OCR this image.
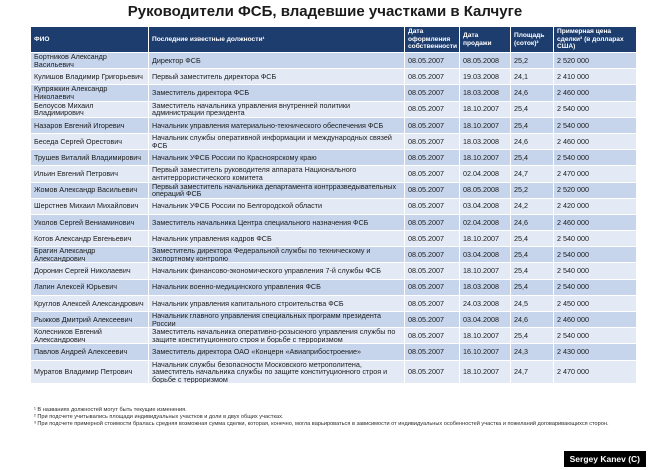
Руководители ФСБ, владевшие участками в Калчуге
ФИО	Последние известные должности¹	Дата оформления собственности	Дата продажи	Площадь (соток)²	Примерная цена сделки³ (в долларах США)
Бортников Александр Васильевич	Директор ФСБ	08.05.2007	08.05.2008	25,2	2 520 000
Кулишов Владимир Григорьевич	Первый заместитель директора ФСБ	08.05.2007	19.03.2008	24,1	2 410 000
Купряжкин Александр Николаевич	Заместитель директора ФСБ	08.05.2007	18.03.2008	24,6	2 460 000
Белоусов Михаил Владимирович	Заместитель начальника управления внутренней политики администрации президента	08.05.2007	18.10.2007	25,4	2 540 000
Назаров Евгений Игоревич	Начальник управления материально-технического обеспечения ФСБ	08.05.2007	18.10.2007	25,4	2 540 000
Беседа Сергей Орестович	Начальник службы оперативной информации и международных связей ФСБ	08.05.2007	18.03.2008	24,6	2 460 000
Трушев Виталий Владимирович	Начальник УФСБ России по Красноярскому краю	08.05.2007	18.10.2007	25,4	2 540 000
Ильин Евгений Петрович	Первый заместитель руководителя аппарата Национального антитеррористического комитета	08.05.2007	02.04.2008	24,7	2 470 000
Жомов Александр Васильевич	Первый заместитель начальника департамента контрразведывательных операций ФСБ	08.05.2007	08.05.2008	25,2	2 520 000
Шерстнев Михаил Михайлович	Начальник УФСБ России по Белгородской области	08.05.2007	03.04.2008	24,2	2 420 000
Уколов Сергей Вениаминович	Заместитель начальника Центра специального назначения ФСБ	08.05.2007	02.04.2008	24,6	2 460 000
Котов Александр Евгеньевич	Начальник управления кадров ФСБ	08.05.2007	18.10.2007	25,4	2 540 000
Брагин Александр Александрович	Заместитель директора Федеральной службы по техническому и экспортному контролю	08.05.2007	03.04.2008	25,4	2 540 000
Доронин Сергей Николаевич	Начальник финансово-экономического управления 7-й службы ФСБ	08.05.2007	18.10.2007	25,4	2 540 000
Лапин Алексей Юрьевич	Начальник военно-медицинского управления ФСБ	08.05.2007	18.03.2008	25,4	2 540 000
Круглов Алексей Александрович	Начальник управления капитального строительства ФСБ	08.05.2007	24.03.2008	24,5	2 450 000
Рыжков Дмитрий Алексеевич	Начальник главного управления специальных программ президента России	08.05.2007	03.04.2008	24,6	2 460 000
Колесников Евгений Александрович	Заместитель начальника оперативно-розыскного управления службы по защите конституционного строя и борьбе с терроризмом	08.05.2007	18.10.2007	25,4	2 540 000
Павлов Андрей Алексеевич	Заместитель директора ОАО «Концерн «Авиаприбостроение»	08.05.2007	16.10.2007	24,3	2 430 000
Муратов Владимир Петрович	Начальник службы безопасности Московского метрополитена, заместитель начальника службы по защите конституционного строя и борьбе с терроризмом	08.05.2007	18.10.2007	24,7	2 470 000
¹ В названиях должностей могут быть текущие изменения.
² При подсчете учитывались площади индивидуальных участков и доли в двух общих участках.
³ При подсчете примерной стоимости бралась средняя возможная сумма сделки, которая, конечно, могла варьироваться в зависимости от индивидуальных особенностей участка и пожеланий договаривающихся сторон.
Sergey Kanev (C)
